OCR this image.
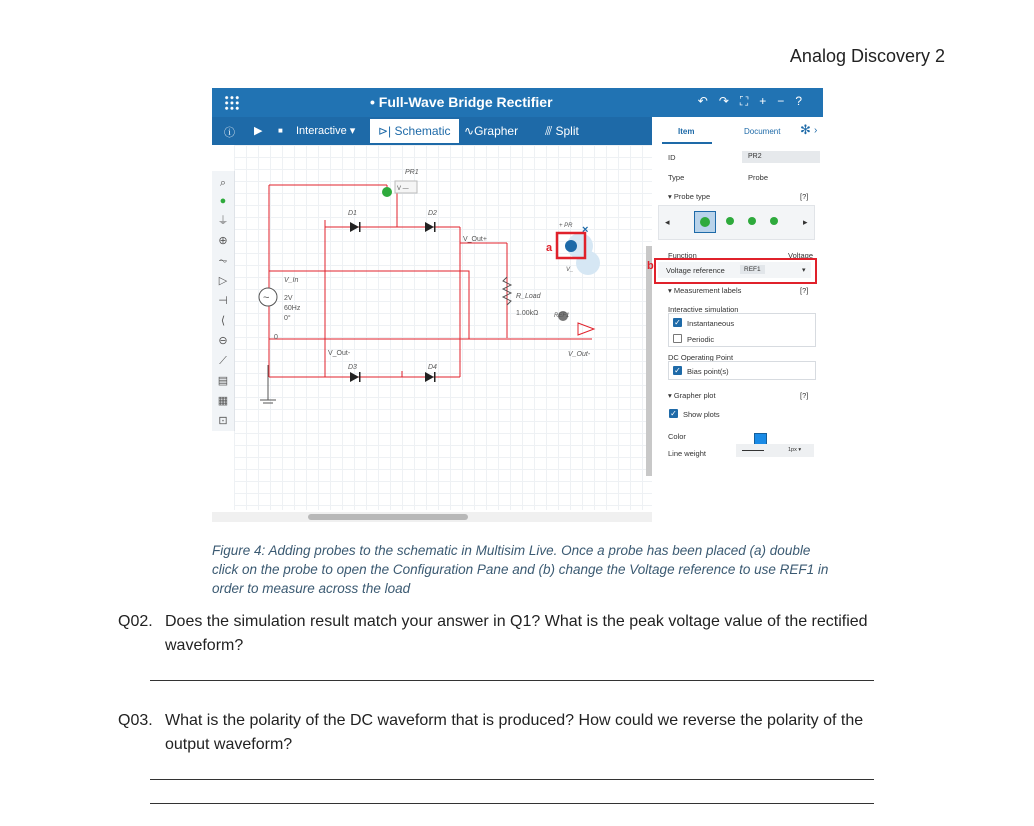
Analog Discovery 2
• Full-Wave Bridge Rectifier	↶↷⛶+−?
ⓘ ▶ ■ Interactive ▾	⊳| Schematic	∿Grapher	⫻ Split	Item	Document ✻ ›
⌕
●
⏚
⊕
⏦
▷
⊣
⟨
⊖
⟋
▤
▦
⊡
~
×
PR1
V —
D1	D2
D3	D4
V_Out+
V_Out-	V_Out-
V_In
2V
60Hz
0°
0
R_Load
1.00kΩ	REF1
+ PR
V_
a
ID	PR2
Type	Probe
▾ Probe type	[?]
◂	▸
Function	Voltage
Voltage reference	REF1	▾
b
▾ Measurement labels	[?]
Interactive simulation
✓ Instantaneous
Periodic
DC Operating Point
✓ Bias point(s)
▾ Grapher plot	[?]
✓ Show plots
Color
Line weight	1px ▾
Figure 4: Adding probes to the schematic in Multisim Live. Once a probe has been placed (a) double click on the probe to open the Configuration Pane and (b) change the Voltage reference to use REF1 in order to measure across the load
Q02. Does the simulation result match your answer in Q1? What is the peak voltage value of the rectified
waveform?
Q03. What is the polarity of the DC waveform that is produced? How could we reverse the polarity of the
output waveform?
